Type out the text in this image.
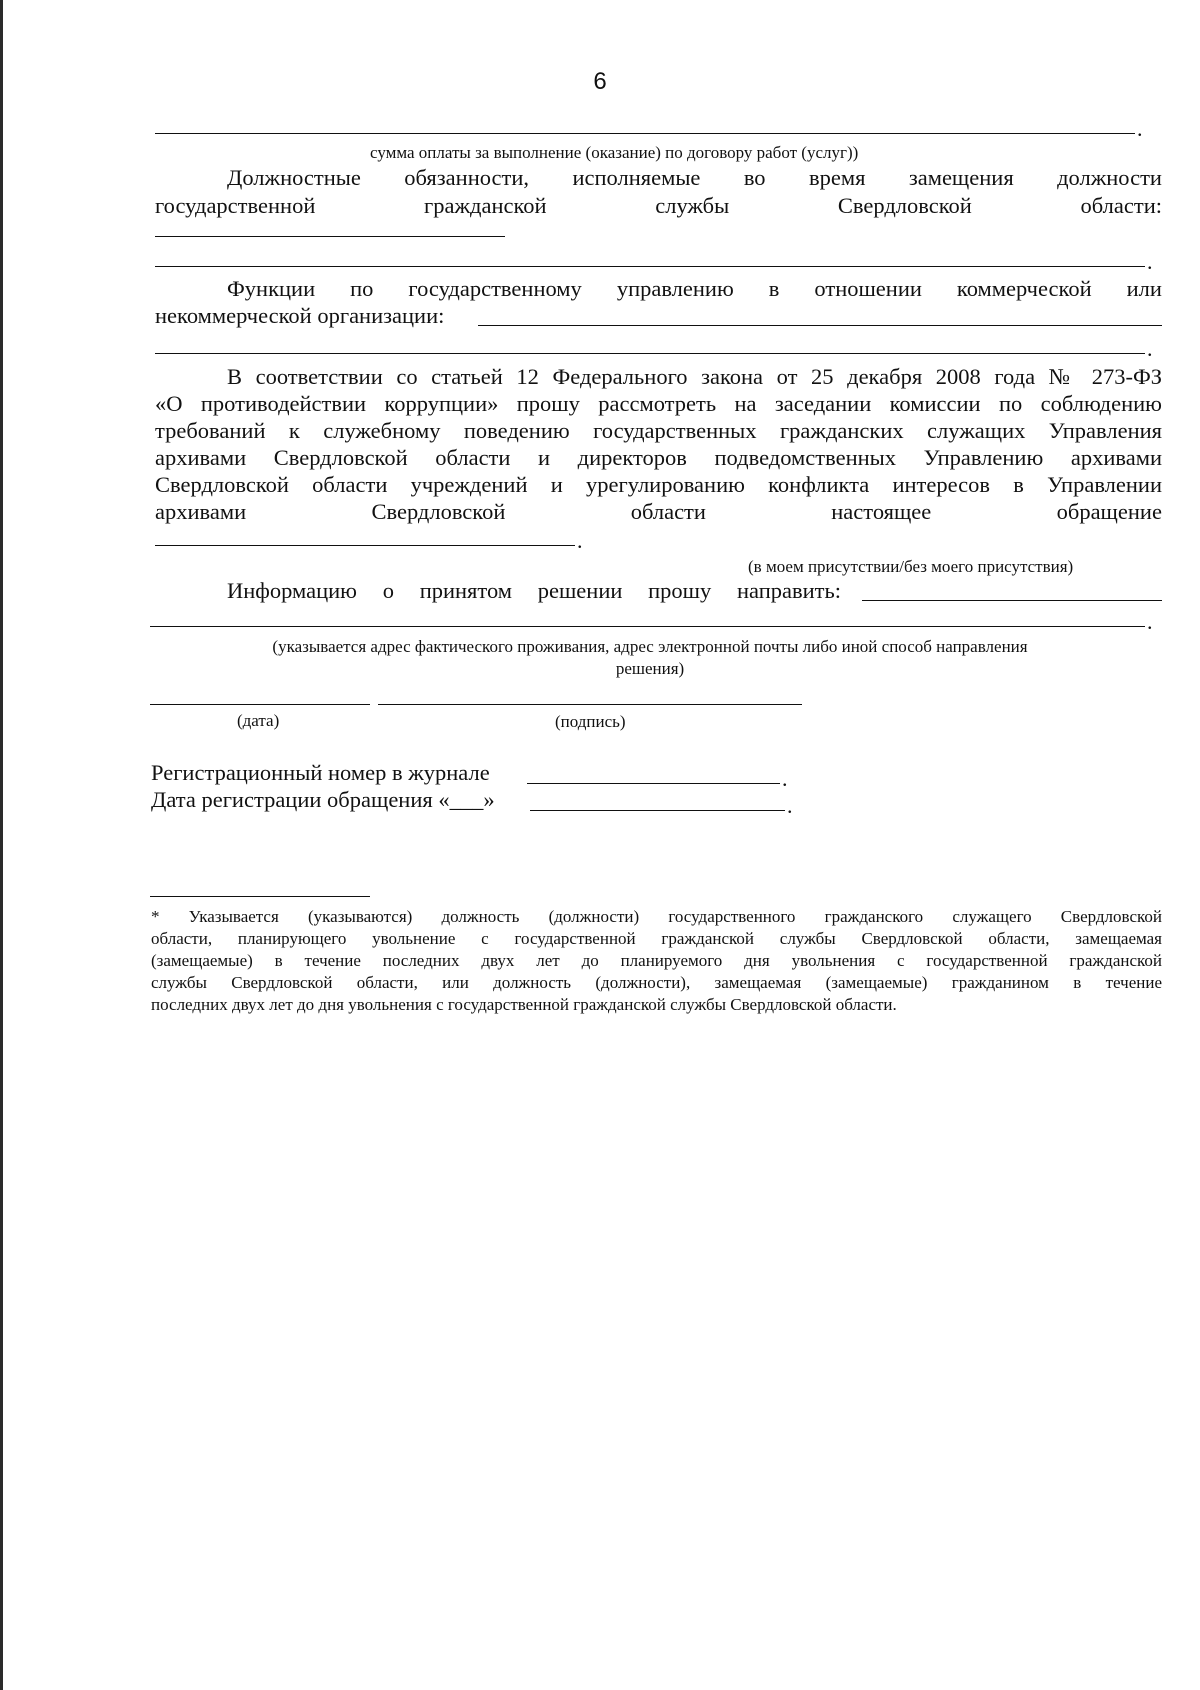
6
.
сумма оплаты за выполнение (оказание) по договору работ (услуг))
Должностные обязанности, исполняемые во время замещения должности
государственной	гражданской	службы	Свердловской	области:
.
Функции по государственному управлению в отношении коммерческой или
некоммерческой организации:
.
В соответствии со статьей 12 Федерального закона от 25 декабря 2008 года № 273-ФЗ
«О противодействии коррупции» прошу рассмотреть на заседании комиссии по соблюдению
требований к служебному поведению государственных гражданских служащих Управления
архивами Свердловской области и директоров подведомственных Управлению архивами
Свердловской области учреждений и урегулированию конфликта интересов в Управлении
архивами	Свердловской	области	настоящее	обращение
.
(в моем присутствии/без моего присутствия)
Информацию о принятом решении прошу направить:
.
(указывается адрес фактического проживания, адрес электронной почты либо иной способ направления
решения)
(дата)	(подпись)
Регистрационный номер в журнале	.
Дата регистрации обращения «___»	.
* Указывается (указываются) должность (должности) государственного гражданского служащего Свердловской
области, планирующего увольнение с государственной гражданской службы Свердловской области, замещаемая
(замещаемые) в течение последних двух лет до планируемого дня увольнения с государственной гражданской
службы Свердловской области, или должность (должности), замещаемая (замещаемые) гражданином в течение
последних двух лет до дня увольнения с государственной гражданской службы Свердловской области.
